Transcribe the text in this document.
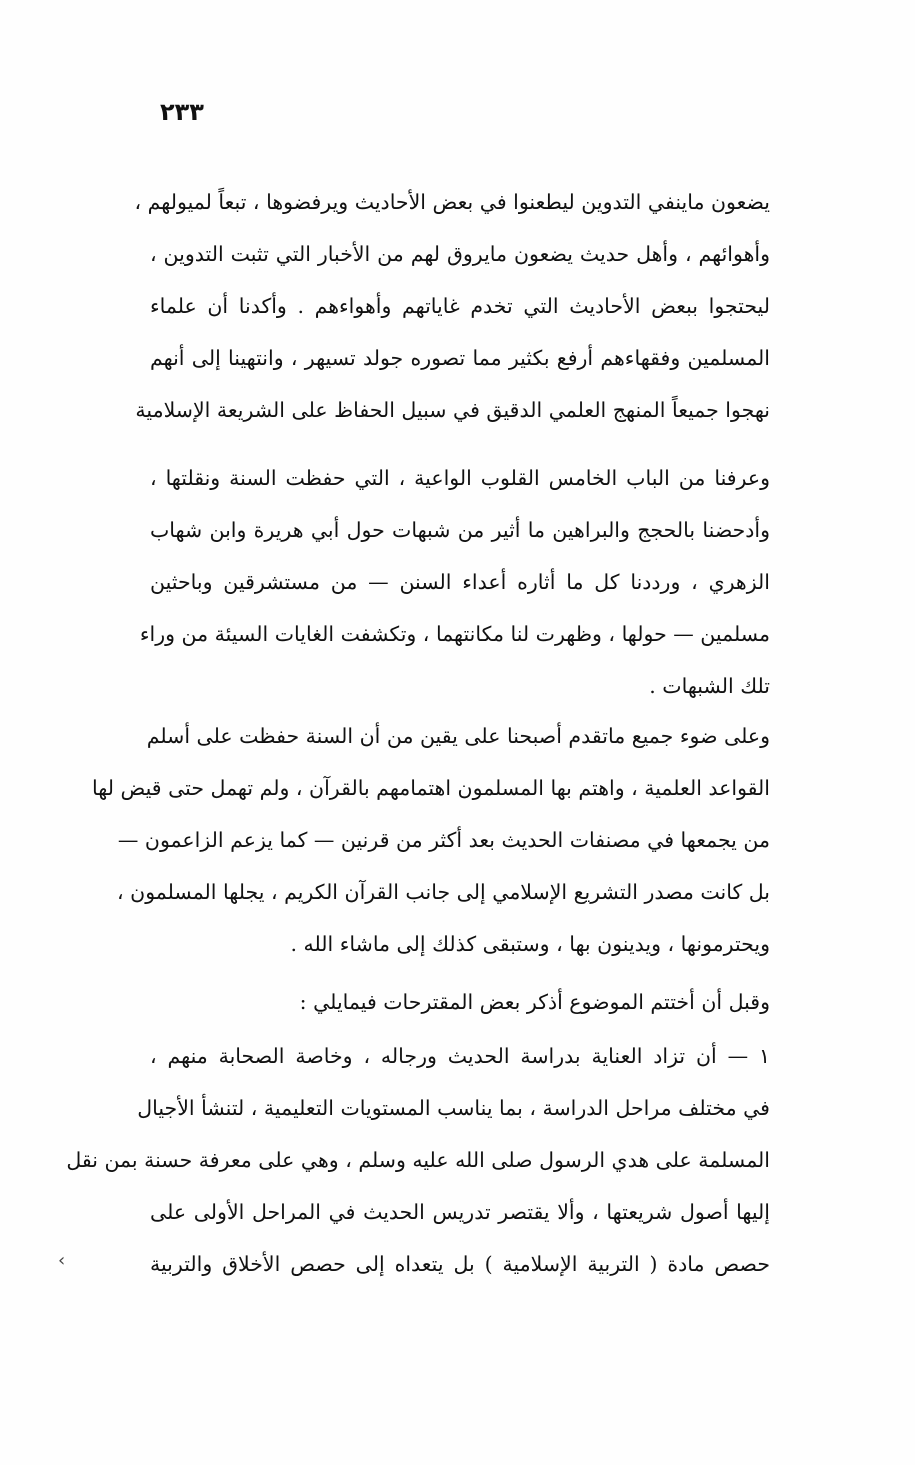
٢٣٣
يضعون ماينفي التدوين ليطعنوا في بعض الأحاديث ويرفضوها ، تبعاً لميولهم ،
وأهوائهم ، وأهل حديث يضعون مايروق لهم من الأخبار التي تثبت التدوين ،
ليحتجوا ببعض الأحاديث التي تخدم غاياتهم وأهواءهم . وأكدنا أن علماء
المسلمين وفقهاءهم أرفع بكثير مما تصوره جولد تسيهر ، وانتهينا إلى أنهم
نهجوا جميعاً المنهج العلمي الدقيق في سبيل الحفاظ على الشريعة الإسلامية
وعرفنا من الباب الخامس القلوب الواعية ، التي حفظت السنة ونقلتها ،
وأدحضنا بالحجج والبراهين ما أثير من شبهات حول أبي هريرة وابن شهاب
الزهري ، ورددنا كل ما أثاره أعداء السنن — من مستشرقين وباحثين
مسلمين — حولها ، وظهرت لنا مكانتهما ، وتكشفت الغايات السيئة من وراء
تلك الشبهات .
وعلى ضوء جميع ماتقدم أصبحنا على يقين من أن السنة حفظت على أسلم
القواعد العلمية ، واهتم بها المسلمون اهتمامهم بالقرآن ، ولم تهمل حتى قيض لها
من يجمعها في مصنفات الحديث بعد أكثر من قرنين — كما يزعم الزاعمون —
بل كانت مصدر التشريع الإسلامي إلى جانب القرآن الكريم ، يجلها المسلمون ،
ويحترمونها ، ويدينون بها ، وستبقى كذلك إلى ماشاء الله .
وقبل أن أختتم الموضوع أذكر بعض المقترحات فيمايلي :
١ — أن تزاد العناية بدراسة الحديث ورجاله ، وخاصة الصحابة منهم ،
في مختلف مراحل الدراسة ، بما يناسب المستويات التعليمية ، لتنشأ الأجيال
المسلمة على هدي الرسول صلى الله عليه وسلم ، وهي على معرفة حسنة بمن نقل
إليها أصول شريعتها ، وألا يقتصر تدريس الحديث في المراحل الأولى على
حصص مادة ( التربية الإسلامية ) بل يتعداه إلى حصص الأخلاق والتربية
‹
